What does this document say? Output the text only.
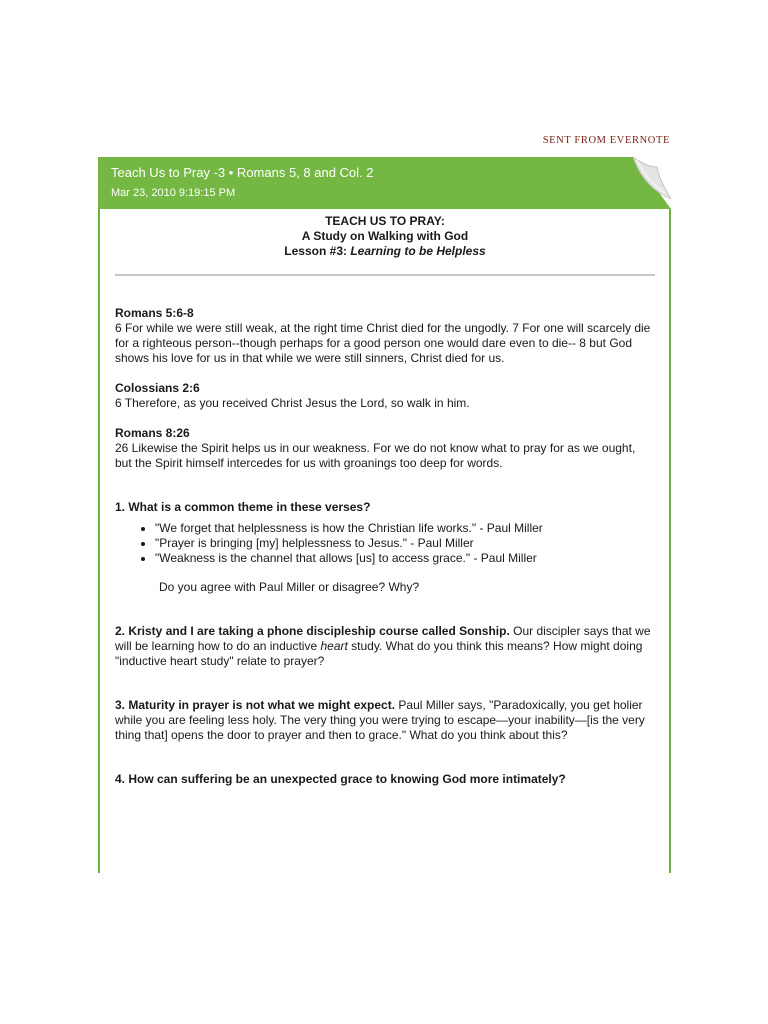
SENT FROM EVERNOTE
Teach Us to Pray -3 • Romans 5, 8 and Col. 2
Mar 23, 2010 9:19:15 PM
TEACH US TO PRAY:
A Study on Walking with God
Lesson #3: Learning to be Helpless
Romans 5:6-8
6 For while we were still weak, at the right time Christ died for the ungodly. 7 For one will scarcely die for a righteous person--though perhaps for a good person one would dare even to die-- 8 but God shows his love for us in that while we were still sinners, Christ died for us.
Colossians 2:6
6 Therefore, as you received Christ Jesus the Lord, so walk in him.
Romans 8:26
26 Likewise the Spirit helps us in our weakness. For we do not know what to pray for as we ought, but the Spirit himself intercedes for us with groanings too deep for words.
1. What is a common theme in these verses?
• "We forget that helplessness is how the Christian life works." - Paul Miller
• "Prayer is bringing [my] helplessness to Jesus." - Paul Miller
• "Weakness is the channel that allows [us] to access grace." - Paul Miller
Do you agree with Paul Miller or disagree? Why?
2. Kristy and I are taking a phone discipleship course called Sonship. Our discipler says that we will be learning how to do an inductive heart study. What do you think this means? How might doing "inductive heart study" relate to prayer?
3. Maturity in prayer is not what we might expect. Paul Miller says, "Paradoxically, you get holier while you are feeling less holy. The very thing you were trying to escape—your inability—[is the very thing that] opens the door to prayer and then to grace." What do you think about this?
4. How can suffering be an unexpected grace to knowing God more intimately?
